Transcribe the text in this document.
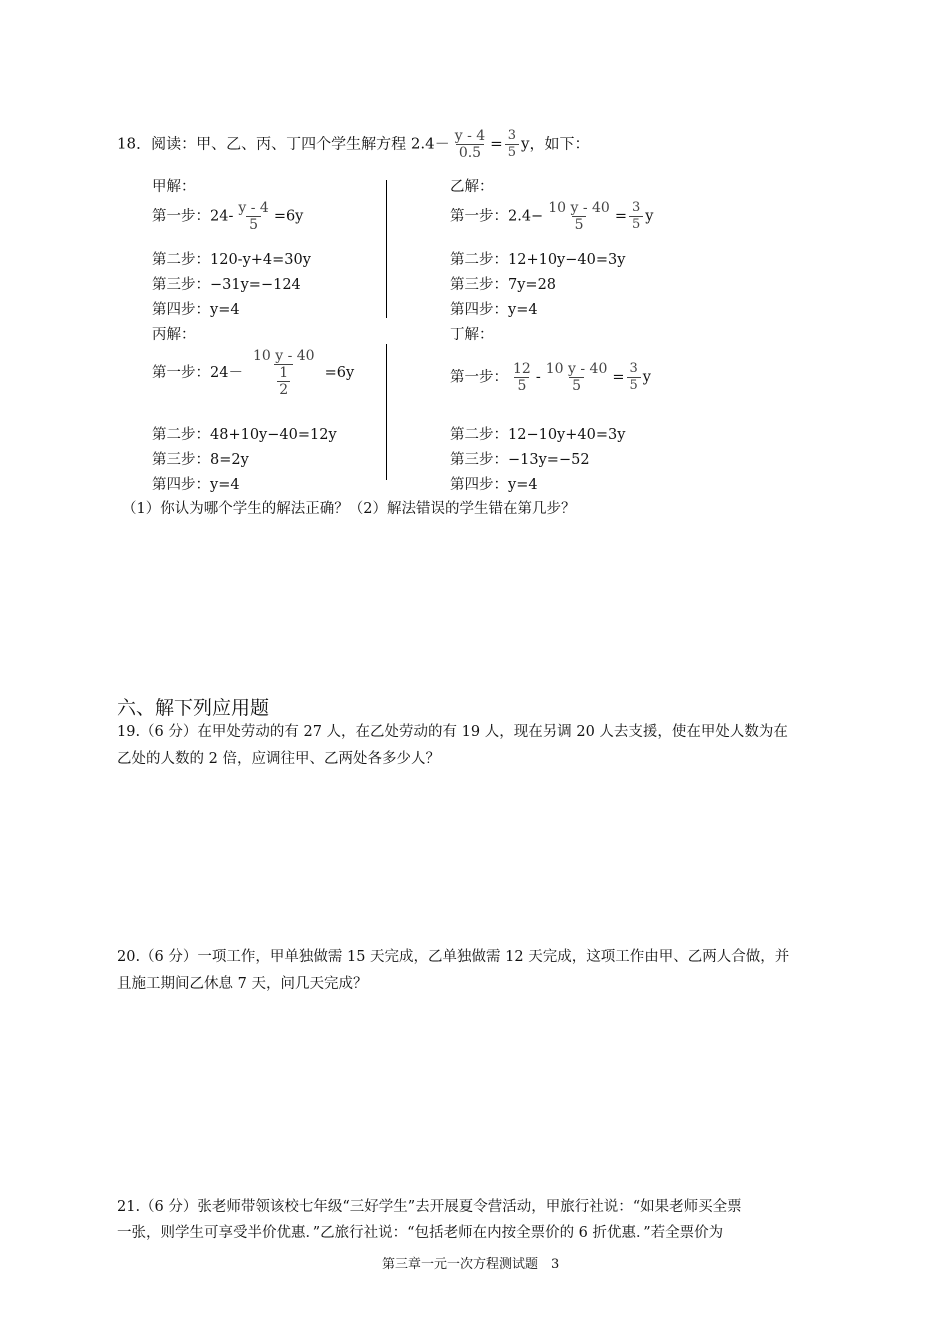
18．阅读：甲、乙、丙、丁四个学生解方程 $2.4- \frac{y - 4}{0.5} = \frac{3}{5}$ y，如下：
甲解：
第一步：$24- \frac{y - 4}{5} =6y$
第二步：120-y+4=30y
第三步：−31y=−124
第四步：y=4
乙解：
第一步：$2.4- \frac{10 y - 40}{5} = \frac{3}{5}$ y
第二步：12+10y−40=3y
第三步：7y=28
第四步：y=4
丙解：
第一步：$24- \frac{10 y - 40}{\frac{1}{2}} =6y$
第二步：48+10y−40=12y
第三步：8=2y
第四步：y=4
丁解：
第一步： $\frac{12}{5} - \frac{10 y - 40}{5} = \frac{3}{5}$ y
第二步：12−10y+40=3y
第三步：−13y=−52
第四步：y=4
（1）你认为哪个学生的解法正确？（2）解法错误的学生错在第几步？
六、解下列应用题
19.（6 分）在甲处劳动的有 27 人，在乙处劳动的有 19 人，现在另调 20 人去支援，使在甲处人数为在
乙处的人数的 2 倍，应调往甲、乙两处各多少人？
20.（6 分）一项工作，甲单独做需 15 天完成，乙单独做需 12 天完成，这项工作由甲、乙两人合做，并
且施工期间乙休息 7 天，问几天完成？
21.（6 分）张老师带领该校七年级“三好学生”去开展夏令营活动，甲旅行社说：“如果老师买全票
一张，则学生可享受半价优惠．”乙旅行社说：“包括老师在内按全票价的 6 折优惠．”若全票价为
第三章一元一次方程测试题　3
